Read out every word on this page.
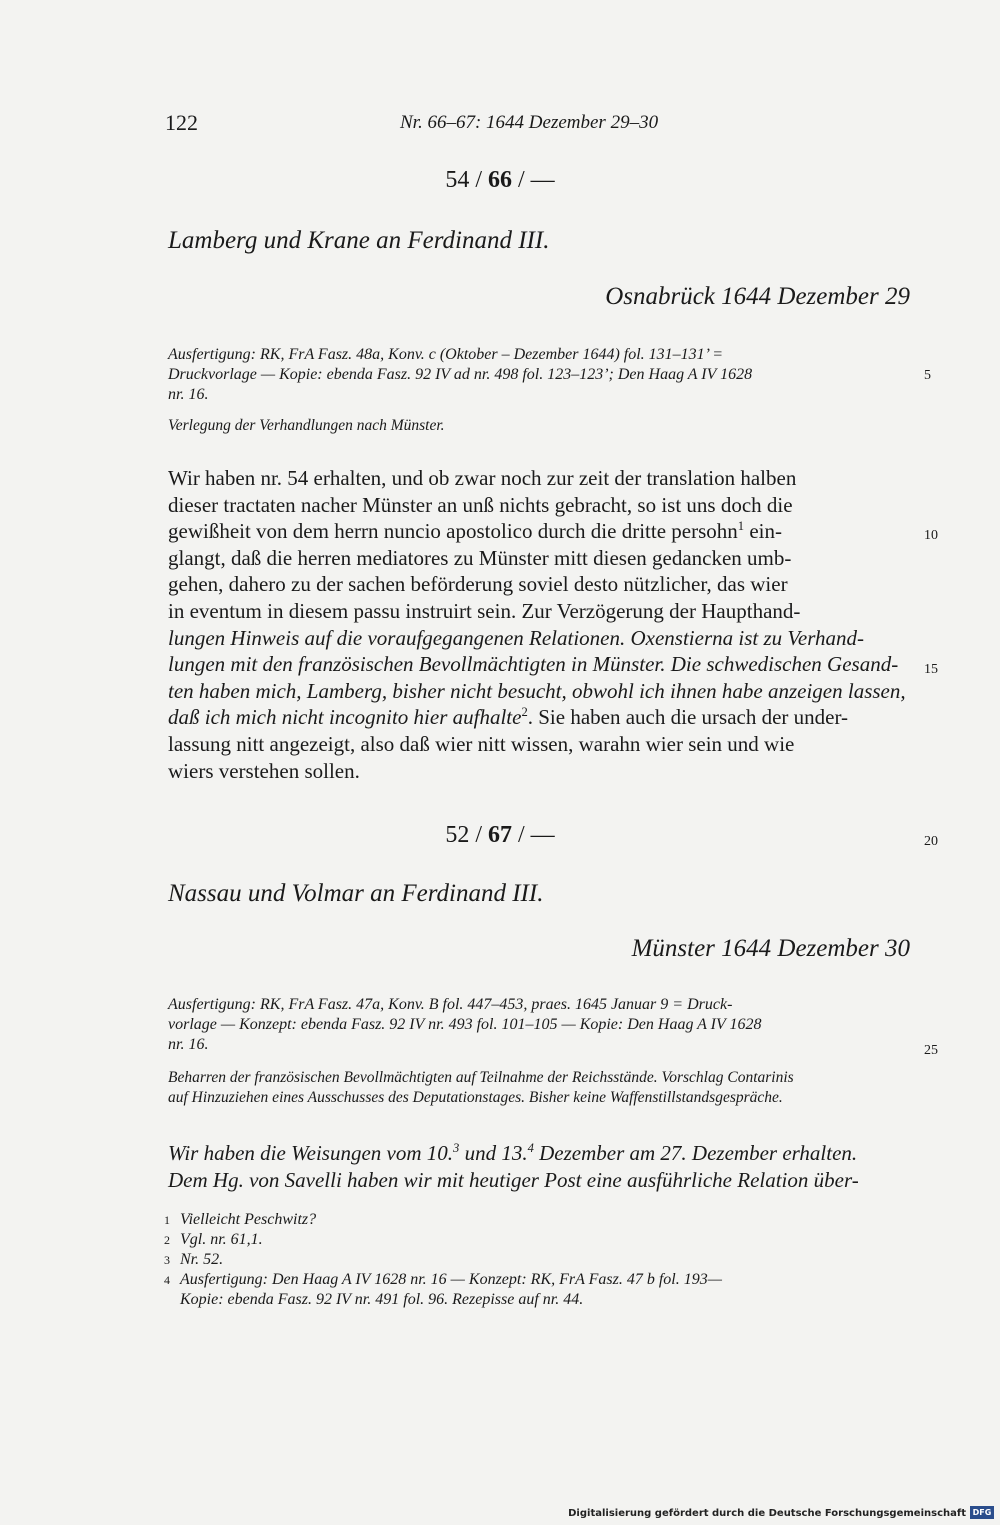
122	Nr. 66–67: 1644 Dezember 29–30
54 / 66 / —
Lamberg und Krane an Ferdinand III.
Osnabrück 1644 Dezember 29
Ausfertigung: RK, FrA Fasz. 48a, Konv. c (Oktober – Dezember 1644) fol. 131–131’ =
Druckvorlage — Kopie: ebenda Fasz. 92 IV ad nr. 498 fol. 123–123’; Den Haag A IV 1628
nr. 16.
Verlegung der Verhandlungen nach Münster.
Wir haben nr. 54 erhalten, und ob zwar noch zur zeit der translation halben
dieser tractaten nacher Münster an unß nichts gebracht, so ist uns doch die
gewißheit von dem herrn nuncio apostolico durch die dritte persohn$^1$ ein-
glangt, daß die herren mediatores zu Münster mitt diesen gedancken umb-
gehen, dahero zu der sachen beförderung soviel desto nützlicher, das wier
in eventum in diesem passu instruirt sein. Zur Verzögerung der Haupthand-
lungen Hinweis auf die voraufgegangenen Relationen. Oxenstierna ist zu Verhand-
lungen mit den französischen Bevollmächtigten in Münster. Die schwedischen Gesand-
ten haben mich, Lamberg, bisher nicht besucht, obwohl ich ihnen habe anzeigen lassen,
daß ich mich nicht incognito hier aufhalte$^2$. Sie haben auch die ursach der under-
lassung nitt angezeigt, also daß wier nitt wissen, warahn wier sein und wie
wiers verstehen sollen.
52 / 67 / —
Nassau und Volmar an Ferdinand III.
Münster 1644 Dezember 30
Ausfertigung: RK, FrA Fasz. 47a, Konv. B fol. 447–453, praes. 1645 Januar 9 = Druck-
vorlage — Konzept: ebenda Fasz. 92 IV nr. 493 fol. 101–105 — Kopie: Den Haag A IV 1628
nr. 16.
Beharren der französischen Bevollmächtigten auf Teilnahme der Reichsstände. Vorschlag Contarinis
auf Hinzuziehen eines Ausschusses des Deputationstages. Bisher keine Waffenstillstandsgespräche.
Wir haben die Weisungen vom 10.$^3$ und 13.$^4$ Dezember am 27. Dezember erhalten.
Dem Hg. von Savelli haben wir mit heutiger Post eine ausführliche Relation über-
5
10
15
20
25
1 Vielleicht Peschwitz?
2 Vgl. nr. 61,1.
3 Nr. 52.
4 Ausfertigung: Den Haag A IV 1628 nr. 16 — Konzept: RK, FrA Fasz. 47 b fol. 193—
Kopie: ebenda Fasz. 92 IV nr. 491 fol. 96. Rezepisse auf nr. 44.
Digitalisierung gefördert durch die Deutsche Forschungsgemeinschaft DFG
